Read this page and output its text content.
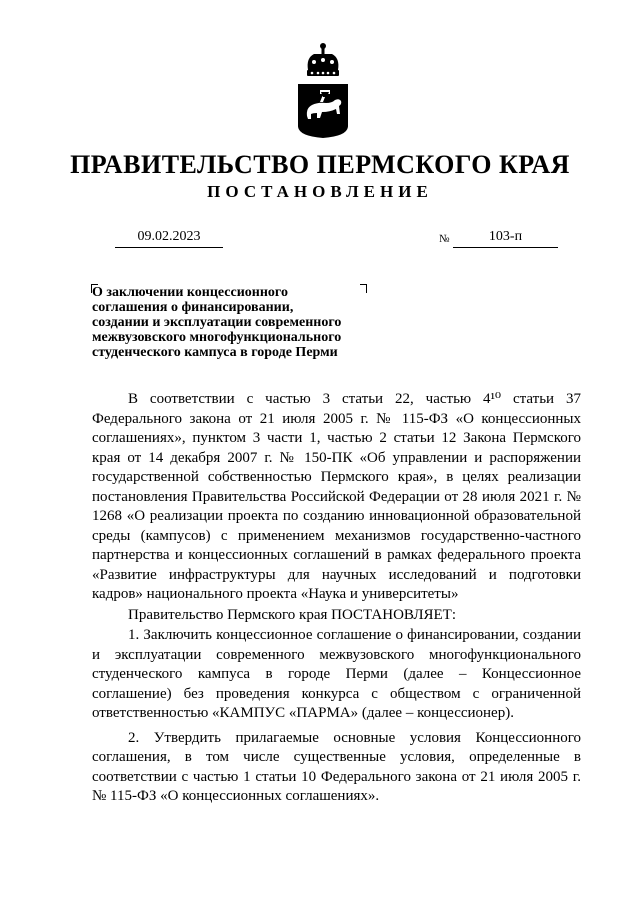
ПРАВИТЕЛЬСТВО ПЕРМСКОГО КРАЯ
ПОСТАНОВЛЕНИЕ
09.02.2023	№	103-п
О заключении концессионного
соглашения о финансировании,
создании и эксплуатации современного
межвузовского многофункционального
студенческого кампуса в городе Перми

В соответствии с частью 3 статьи 22, частью 4¹⁰ статьи 37 Федерального закона от 21 июля 2005 г. № 115-ФЗ «О концессионных соглашениях», пунктом 3 части 1, частью 2 статьи 12 Закона Пермского края от 14 декабря 2007 г. № 150-ПК «Об управлении и распоряжении государственной собственностью Пермского края», в целях реализации постановления Правительства Российской Федерации от 28 июля 2021 г. № 1268 «О реализации проекта по созданию инновационной образовательной среды (кампусов) с применением механизмов государственно-частного партнерства и концессионных соглашений в рамках федерального проекта «Развитие инфраструктуры для научных исследований и подготовки кадров» национального проекта «Наука и университеты»

Правительство Пермского края ПОСТАНОВЛЯЕТ:

1. Заключить концессионное соглашение о финансировании, создании и эксплуатации современного межвузовского многофункционального студенческого кампуса в городе Перми (далее – Концессионное соглашение) без проведения конкурса с обществом с ограниченной ответственностью «КАМПУС «ПАРМА» (далее – концессионер).

2. Утвердить прилагаемые основные условия Концессионного соглашения, в том числе существенные условия, определенные в соответствии с частью 1 статьи 10 Федерального закона от 21 июля 2005 г. № 115-ФЗ «О концессионных соглашениях».
